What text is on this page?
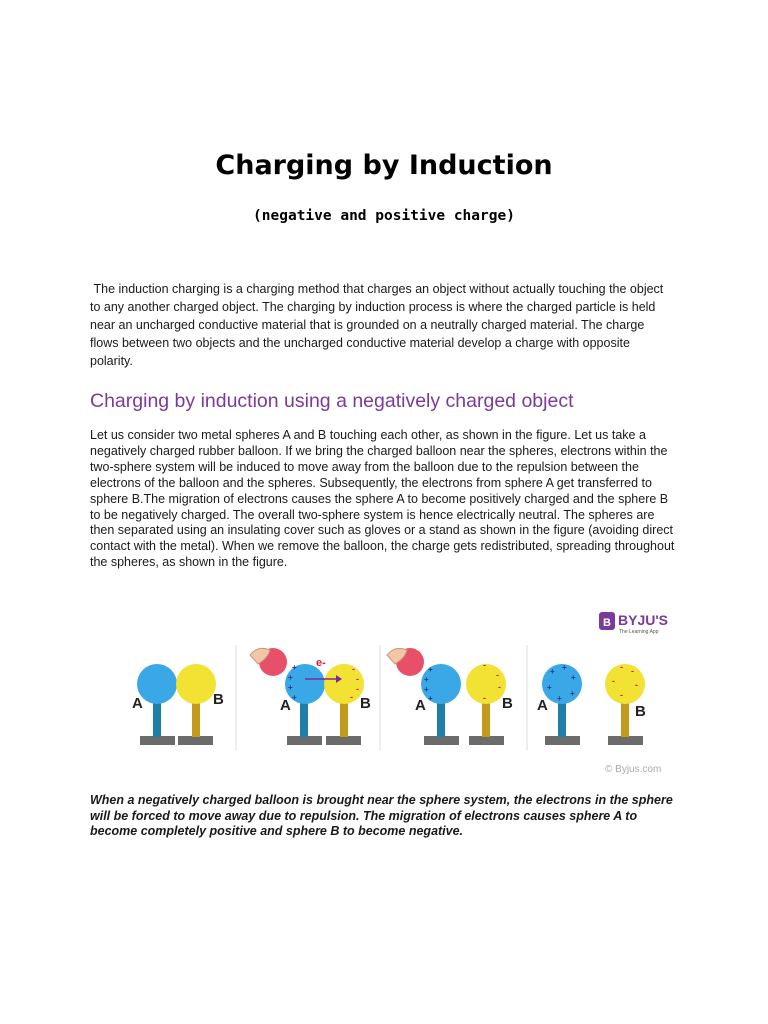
Charging by Induction
(negative and positive charge)

The induction charging is a charging method that charges an object without actually touching the object to any another charged object. The charging by induction process is where the charged particle is held near an uncharged conductive material that is grounded on a neutrally charged material. The charge flows between two objects and the uncharged conductive material develop a charge with opposite polarity.

Charging by induction using a negatively charged object

Let us consider two metal spheres A and B touching each other, as shown in the figure. Let us take a negatively charged rubber balloon. If we bring the charged balloon near the spheres, electrons within the two-sphere system will be induced to move away from the balloon due to the repulsion between the electrons of the balloon and the spheres. Subsequently, the electrons from sphere A get transferred to sphere B.The migration of electrons causes the sphere A to become positively charged and the sphere B to be negatively charged. The overall two-sphere system is hence electrically neutral. The spheres are then separated using an insulating cover such as gloves or a stand as shown in the figure (avoiding direct contact with the metal). When we remove the balloon, the charge gets redistributed, spreading throughout the spheres, as shown in the figure.

B BYJU'S
The Learning App
A	B
+
+
+
+
-
-
-
-
e-
A	B
+
+
+
+
-
-
-
-
A	B
+ +
+
+
+
+
- -
- -
-
A	B
© Byjus.com

When a negatively charged balloon is brought near the sphere system, the electrons in the sphere will be forced to move away due to repulsion. The migration of electrons causes sphere A to become completely positive and sphere B to become negative.
